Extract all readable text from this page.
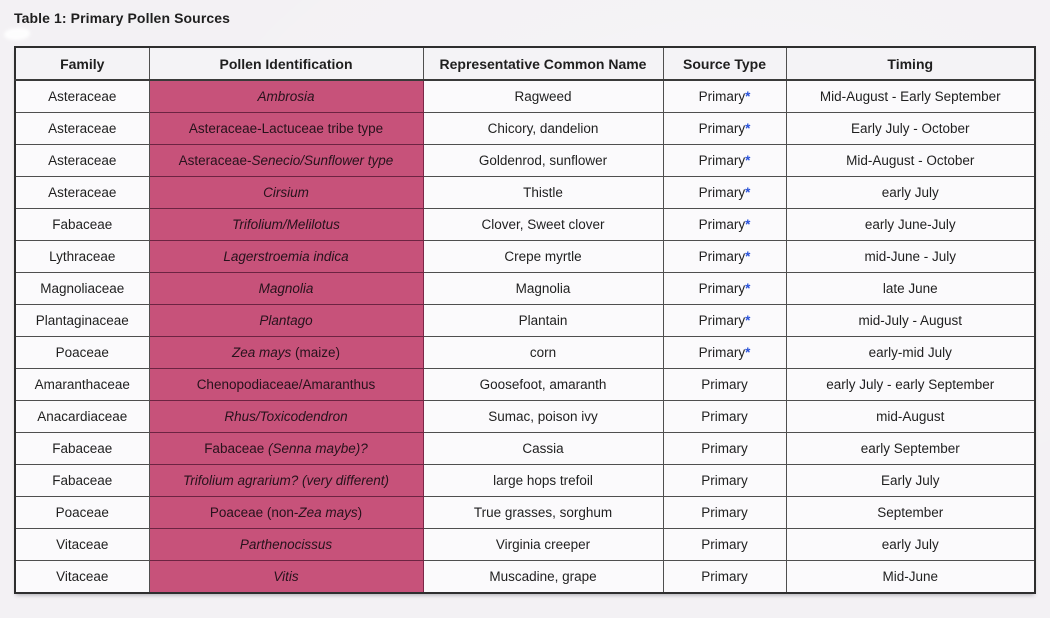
Table 1: Primary Pollen Sources
Family	Pollen Identification	Representative Common Name	Source Type	Timing
Asteraceae	Ambrosia	Ragweed	Primary*	Mid-August - Early September
Asteraceae	Asteraceae-Lactuceae tribe type	Chicory, dandelion	Primary*	Early July - October
Asteraceae	Asteraceae-Senecio/Sunflower type	Goldenrod, sunflower	Primary*	Mid-August - October
Asteraceae	Cirsium	Thistle	Primary*	early July
Fabaceae	Trifolium/Melilotus	Clover, Sweet clover	Primary*	early June-July
Lythraceae	Lagerstroemia indica	Crepe myrtle	Primary*	mid-June - July
Magnoliaceae	Magnolia	Magnolia	Primary*	late June
Plantaginaceae	Plantago	Plantain	Primary*	mid-July - August
Poaceae	Zea mays (maize)	corn	Primary*	early-mid July
Amaranthaceae	Chenopodiaceae/Amaranthus	Goosefoot, amaranth	Primary	early July - early September
Anacardiaceae	Rhus/Toxicodendron	Sumac, poison ivy	Primary	mid-August
Fabaceae	Fabaceae (Senna maybe)?	Cassia	Primary	early September
Fabaceae	Trifolium agrarium? (very different)	large hops trefoil	Primary	Early July
Poaceae	Poaceae (non-Zea mays)	True grasses, sorghum	Primary	September
Vitaceae	Parthenocissus	Virginia creeper	Primary	early July
Vitaceae	Vitis	Muscadine, grape	Primary	Mid-June
